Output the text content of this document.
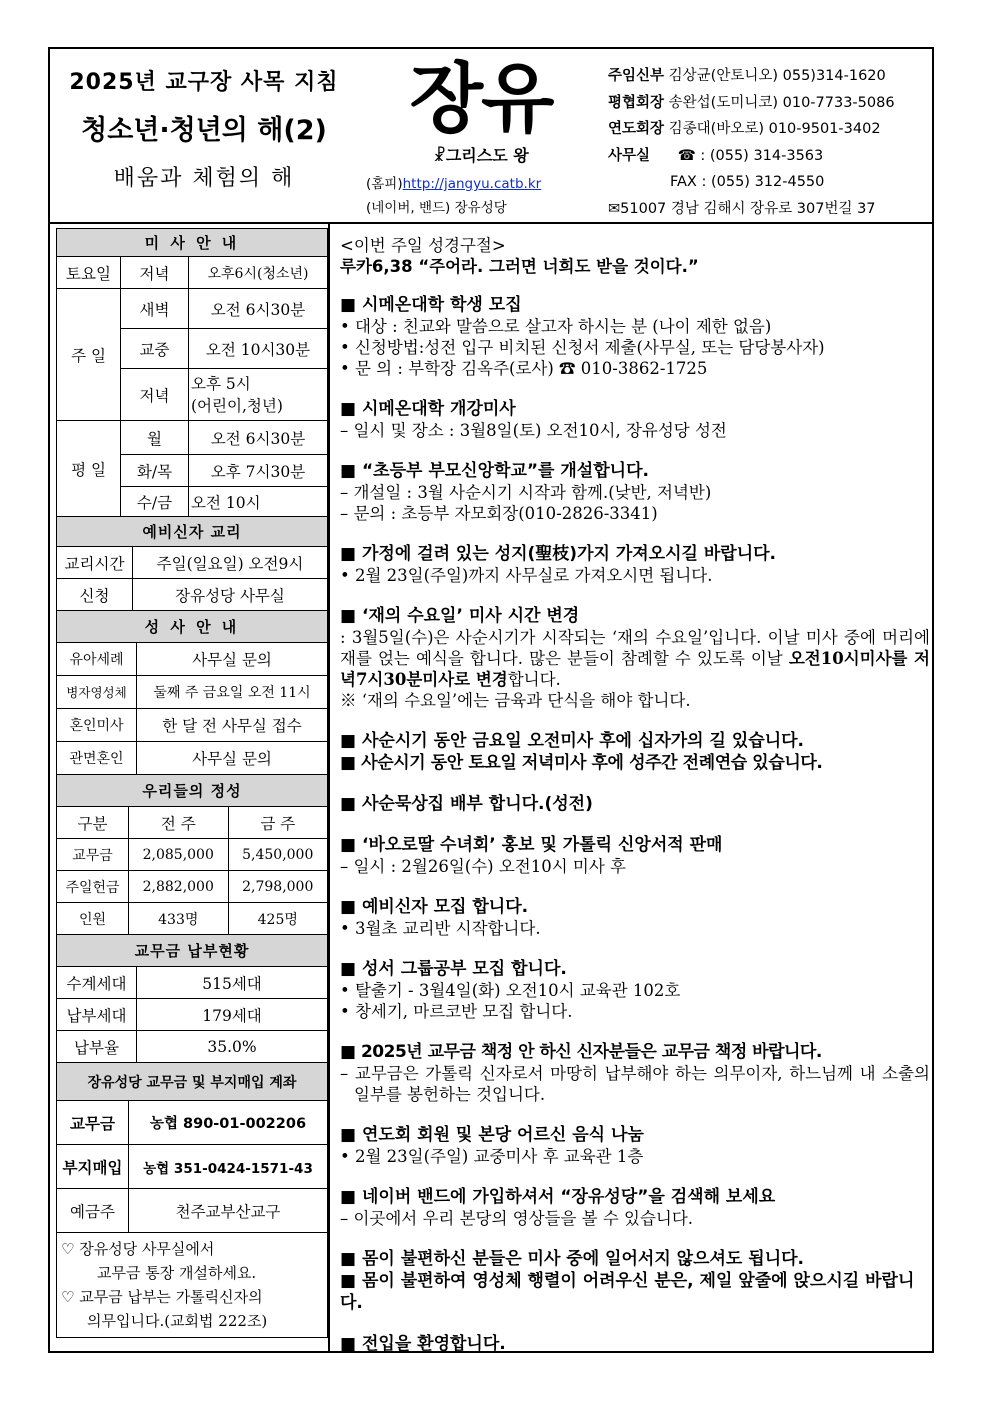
2025년 교구장 사목 지침
청소년·청년의 해(2)
배움과 체험의 해
장유
☧그리스도 왕
(홈피)http://jangyu.catb.kr
(네이버, 밴드) 장유성당
주임신부 김상균(안토니오) 055)314-1620
평협회장 송완섭(도미니코) 010-7733-5086
연도회장 김종대(바오로) 010-9501-3402
사무실 ☎ : (055) 314-3563
FAX : (055) 312-4550
✉51007 경남 김해시 장유로 307번길 37
미 사 안 내		
토요일	저녁	오후6시(청소년)
주 일	새벽	오전 6시30분
	교중	오전 10시30분
	저녁	오후 5시
(어린이,청년)

평 일	월	오전 6시30분
	화/목	오후 7시30분
	수/금	오전 10시
예비신자 교리	
교리시간	주일(일요일) 오전9시
신청	장유성당 사무실
성 사 안 내	
유아세례	사무실 문의
병자영성체	둘째 주 금요일 오전 11시
혼인미사	한 달 전 사무실 접수
관면혼인	사무실 문의
우리들의 정성		
구분	전 주	금 주
교무금	2,085,000	5,450,000
주일헌금	2,882,000	2,798,000
인원	433명	425명
교무금 납부현황	
수계세대	515세대
납부세대	179세대
납부율	35.0%
장유성당 교무금 및 부지매입 계좌	
교무금	농협 890-01-002206
부지매입	농협 351-0424-1571-43
예금주	천주교부산교구
♡ 장유성당 사무실에서
교무금 통장 개설하세요.
♡ 교무금 납부는 가톨릭신자의
의무입니다.(교회법 222조)

<이번 주일 성경구절>

루카6,38 “주어라. 그러면 너희도 받을 것이다.”

■ 시메온대학 학생 모집

• 대상 : 친교와 말씀으로 살고자 하시는 분 (나이 제한 없음)

• 신청방법:성전 입구 비치된 신청서 제출(사무실, 또는 담당봉사자)

• 문 의 : 부학장 김옥주(로사) ☎ 010-3862-1725

■ 시메온대학 개강미사

– 일시 및 장소 : 3월8일(토) 오전10시, 장유성당 성전

■ “초등부 부모신앙학교”를 개설합니다.

– 개설일 : 3월 사순시기 시작과 함께.(낮반, 저녁반)

– 문의 : 초등부 자모회장(010-2826-3341)

■ 가정에 걸려 있는 성지(聖枝)가지 가져오시길 바랍니다.

• 2월 23일(주일)까지 사무실로 가져오시면 됩니다.

■ ‘재의 수요일’ 미사 시간 변경

: 3월5일(수)은 사순시기가 시작되는 ‘재의 수요일’입니다. 이날 미사 중에 머리에 재를 얹는 예식을 합니다. 많은 분들이 참례할 수 있도록 이날 오전10시미사를 저녁7시30분미사로 변경합니다.

※ ‘재의 수요일’에는 금육과 단식을 해야 합니다.

■ 사순시기 동안 금요일 오전미사 후에 십자가의 길 있습니다.
■ 사순시기 동안 토요일 저녁미사 후에 성주간 전례연습 있습니다.
■ 사순묵상집 배부 합니다.(성전)
■ ‘바오로딸 수녀회’ 홍보 및 가톨릭 신앙서적 판매

– 일시 : 2월26일(수) 오전10시 미사 후

■ 예비신자 모집 합니다.

• 3월초 교리반 시작합니다.

■ 성서 그룹공부 모집 합니다.

• 탈출기 - 3월4일(화) 오전10시 교육관 102호

• 창세기, 마르코반 모집 합니다.

■ 2025년 교무금 책정 안 하신 신자분들은 교무금 책정 바랍니다.

– 교무금은 가톨릭 신자로서 마땅히 납부해야 하는 의무이자, 하느님께 내 소출의 일부를 봉헌하는 것입니다.

■ 연도회 회원 및 본당 어르신 음식 나눔

• 2월 23일(주일) 교중미사 후 교육관 1층

■ 네이버 밴드에 가입하셔서 “장유성당”을 검색해 보세요

– 이곳에서 우리 본당의 영상들을 볼 수 있습니다.

■ 몸이 불편하신 분들은 미사 중에 일어서지 않으셔도 됩니다.
■ 몸이 불편하여 영성체 행렬이 어려우신 분은, 제일 앞줄에 앉으시길 바랍니다.
■ 전입을 환영합니다.
